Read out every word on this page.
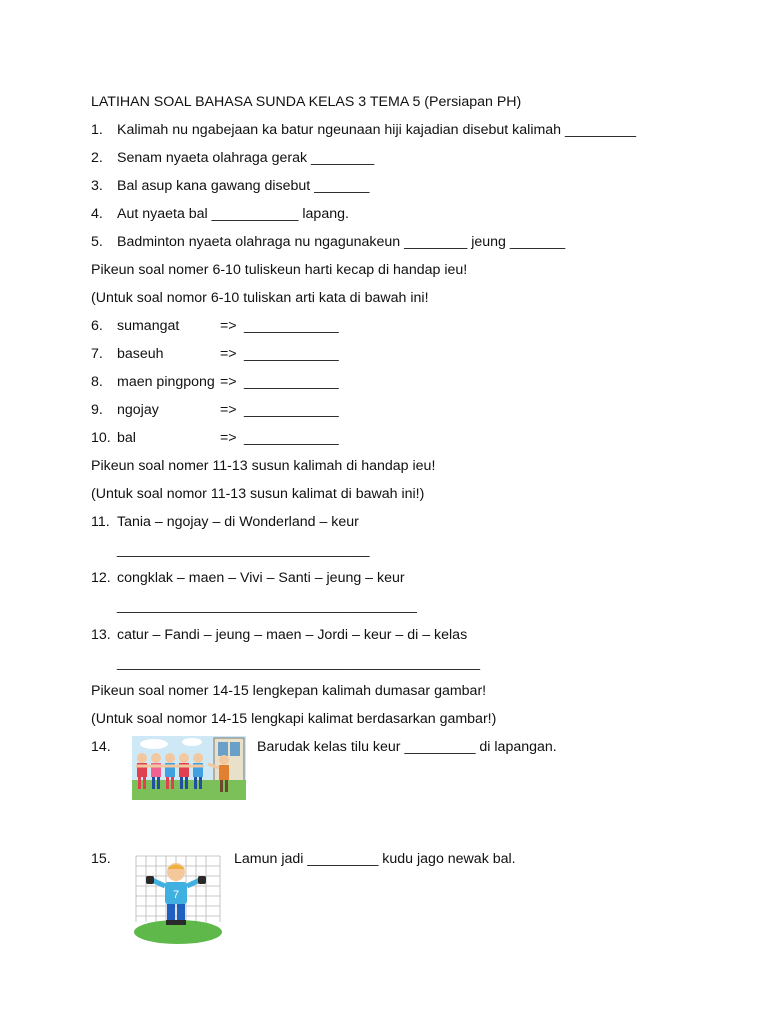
LATIHAN SOAL BAHASA SUNDA KELAS 3 TEMA 5 (Persiapan PH)
1. Kalimah nu ngabejaan ka batur ngeunaan hiji kajadian disebut kalimah _________
2. Senam nyaeta olahraga gerak ________
3. Bal asup kana gawang disebut _______
4. Aut nyaeta bal ___________ lapang.
5. Badminton nyaeta olahraga nu ngagunakeun ________ jeung _______
Pikeun soal nomer 6-10 tuliskeun harti kecap di handap ieu!
(Untuk soal nomor 6-10 tuliskan arti kata di bawah ini!
6. sumangat	=> ____________
7. baseuh	=> ____________
8. maen pingpong => ____________
9. ngojay	=> ____________
10. bal	=> ____________
Pikeun soal nomer 11-13 susun kalimah di handap ieu!
(Untuk soal nomor 11-13 susun kalimat di bawah ini!)
11. Tania – ngojay – di Wonderland – keur
________________________________
12. congklak – maen – Vivi – Santi – jeung – keur
______________________________________
13. catur – Fandi – jeung – maen – Jordi – keur – di – kelas
______________________________________________
Pikeun soal nomer 14-15 lengkepan kalimah dumasar gambar!
(Untuk soal nomor 14-15 lengkapi kalimat berdasarkan gambar!)
14.	Barudak kelas tilu keur _________ di lapangan.
15.
7
Lamun jadi _________ kudu jago newak bal.
